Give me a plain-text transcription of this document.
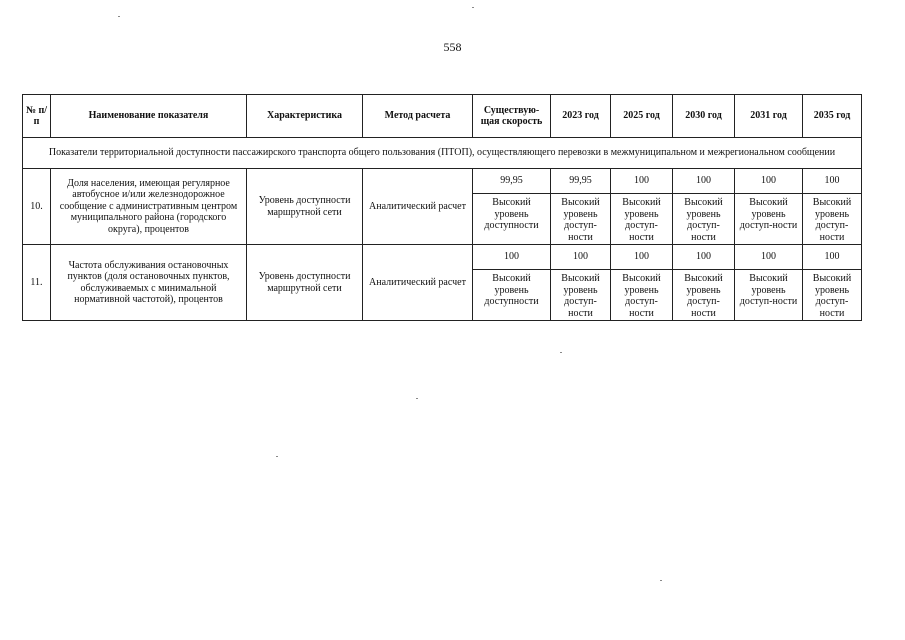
558
№ п/п	Наименование показателя	Характеристика	Метод расчета	Существую-щая скорость	2023 год	2025 год	2030 год	2031 год	2035 год
Показатели территориальной доступности пассажирского транспорта общего пользования (ПТОП), осуществляющего перевозки в межмуниципальном и межрегиональном сообщении									
10.	Доля населения, имеющая регулярное автобусное и/или железнодорожное сообщение с административным центром муниципального района (городского округа), процентов	Уровень доступности маршрутной сети	Аналитический расчет	99,95	99,95	100	100	100	100
				Высокий уровень доступности	Высокий уровень доступ-ности	Высокий уровень доступ-ности	Высокий уровень доступ-ности	Высокий уровень доступ-ности	Высокий уровень доступ-ности
11.	Частота обслуживания остановочных пунктов (доля остановочных пунктов, обслуживаемых с минимальной нормативной частотой), процентов	Уровень доступности маршрутной сети	Аналитический расчет	100	100	100	100	100	100
				Высокий уровень доступности	Высокий уровень доступ-ности	Высокий уровень доступ-ности	Высокий уровень доступ-ности	Высокий уровень доступ-ности	Высокий уровень доступ-ности
